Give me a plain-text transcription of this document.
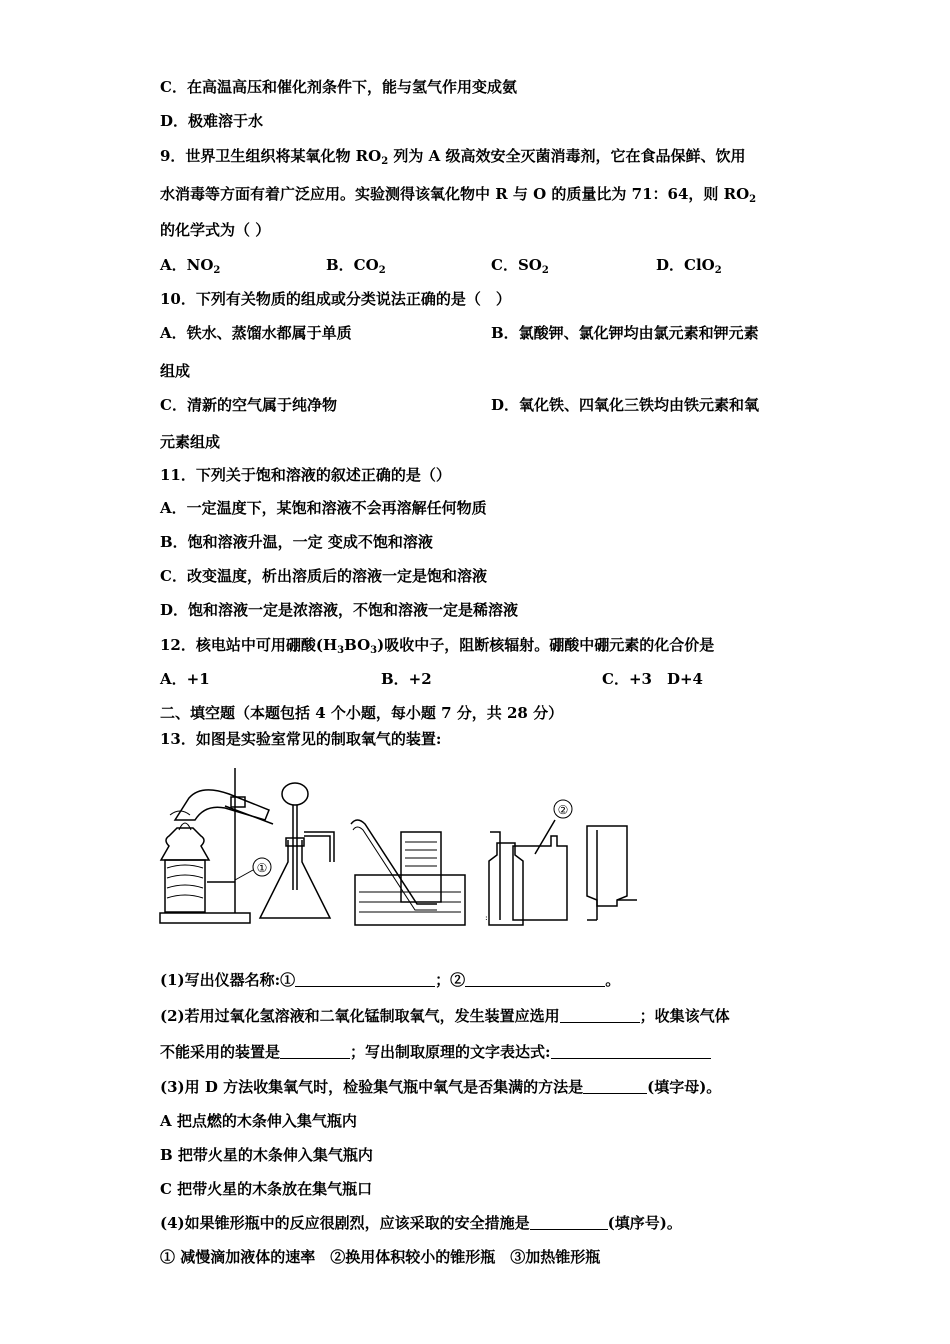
C．在高温高压和催化剂条件下，能与氢气作用变成氨
D．极难溶于水
9．世界卫生组织将某氧化物 $RO_2$ 列为 A 级高效安全灭菌消毒剂，它在食品保鲜、饮用
水消毒等方面有着广泛应用。实验测得该氧化物中 R 与 O 的质量比为 71：64，则 $RO_2$
的化学式为（ ）
A．$NO_2$	B．$CO_2$	C．$SO_2$	D．ClO$_2$
10．下列有关物质的组成或分类说法正确的是（　）
A．铁水、蒸馏水都属于单质	B．氯酸钾、氯化钾均由氯元素和钾元素
组成
C．清新的空气属于纯净物	D．氧化铁、四氧化三铁均由铁元素和氧
元素组成
11．下列关于饱和溶液的叙述正确的是（）
A．一定温度下，某饱和溶液不会再溶解任何物质
B．饱和溶液升温，一定 变成不饱和溶液
C．改变温度，析出溶质后的溶液一定是饱和溶液
D．饱和溶液一定是浓溶液，不饱和溶液一定是稀溶液
12．核电站中可用硼酸$(H_3BO_3)$吸收中子，阻断核辐射。硼酸中硼元素的化合价是
A．+1	B．+2	C．+3　D+4
二、填空题（本题包括 4 个小题，每小题 7 分，共 28 分）
13．如图是实验室常见的制取氧气的装置:
①
:
②
(1)写出仪器名称:①	；②	。
(2)若用过氧化氢溶液和二氧化锰制取氧气，发生装置应选用	；收集该气体
不能采用的装置是	；写出制取原理的文字表达式:
(3)用 D 方法收集氧气时，检验集气瓶中氧气是否集满的方法是	(填字母)。
A 把点燃的木条伸入集气瓶内
B 把带火星的木条伸入集气瓶内
C 把带火星的木条放在集气瓶口
(4)如果锥形瓶中的反应很剧烈，应该采取的安全措施是	(填序号)。
① 减慢滴加液体的速率　②换用体积较小的锥形瓶　③加热锥形瓶
